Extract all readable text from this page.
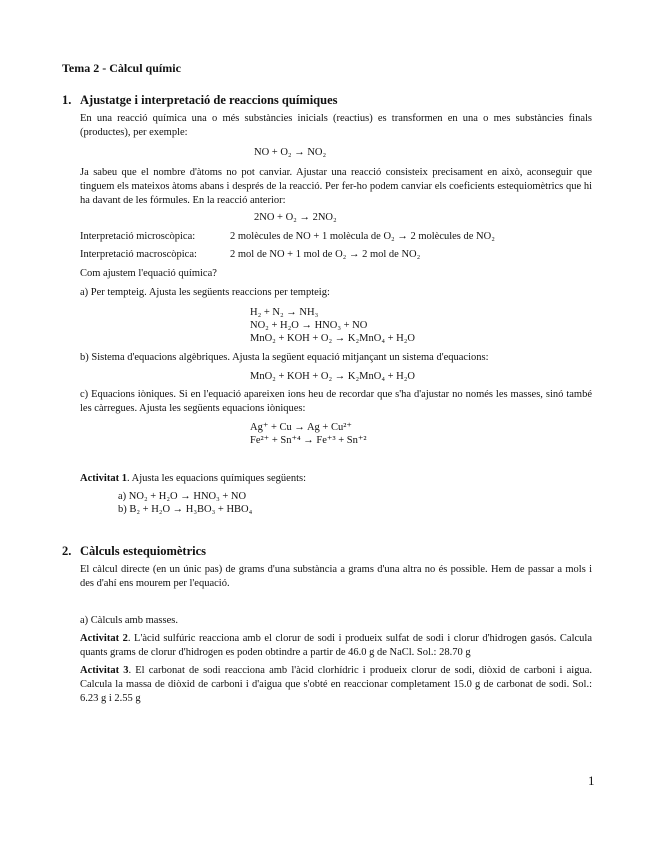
Tema 2 - Càlcul químic
1. Ajustatge i interpretació de reaccions químiques

En una reacció química una o més substàncies inicials (reactius) es transformen en una o mes substàncies finals (productes), per exemple:

NO + O₂ → NO₂

Ja sabeu que el nombre d'àtoms no pot canviar. Ajustar una reacció consisteix precisament en això, aconseguir que tinguem els mateixos àtoms abans i després de la reacció. Per fer-ho podem canviar els coeficients estequiomètrics que hi ha davant de les fórmules. En la reacció anterior:

2NO + O₂ → 2NO₂
Interpretació microscòpica:	2 molècules de NO + 1 molècula de O₂ → 2 molècules de NO₂
Interpretació macroscòpica:	2 mol de NO + 1 mol de O₂ → 2 mol de NO₂
Com ajustem l'equació química?
a) Per tempteig. Ajusta les següents reaccions per tempteig:
H₂ + N₂ → NH₃
NO₂ + H₂O → HNO₃ + NO
MnO₂ + KOH + O₂ → K₂MnO₄ + H₂O
b) Sistema d'equacions algèbriques. Ajusta la següent equació mitjançant un sistema d'equacions:
MnO₂ + KOH + O₂ → K₂MnO₄ + H₂O

c) Equacions iòniques. Si en l'equació apareixen ions heu de recordar que s'ha d'ajustar no només les masses, sinó també les càrregues. Ajusta les següents equacions iòniques:

Ag⁺ + Cu → Ag + Cu²⁺
Fe²⁺ + Sn⁺⁴ → Fe⁺³ + Sn⁺²
Activitat 1. Ajusta les equacions químiques següents:
a) NO₂ + H₂O → HNO₃ + NO
b) B₂ + H₂O → H₃BO₃ + HBO₄
2. Càlculs estequiomètrics

El càlcul directe (en un únic pas) de grams d'una substància a grams d'una altra no és possible. Hem de passar a mols i des d'ahí ens mourem per l'equació.

a) Càlculs amb masses.

Activitat 2. L'àcid sulfúric reacciona amb el clorur de sodi i produeix sulfat de sodi i clorur d'hidrogen gasós. Calcula quants grams de clorur d'hidrogen es poden obtindre a partir de 46.0 g de NaCl. Sol.: 28.70 g

Activitat 3. El carbonat de sodi reacciona amb l'àcid clorhídric i produeix clorur de sodi, diòxid de carboni i aigua. Calcula la massa de diòxid de carboni i d'aigua que s'obté en reaccionar completament 15.0 g de carbonat de sodi. Sol.: 6.23 g i 2.55 g

1
